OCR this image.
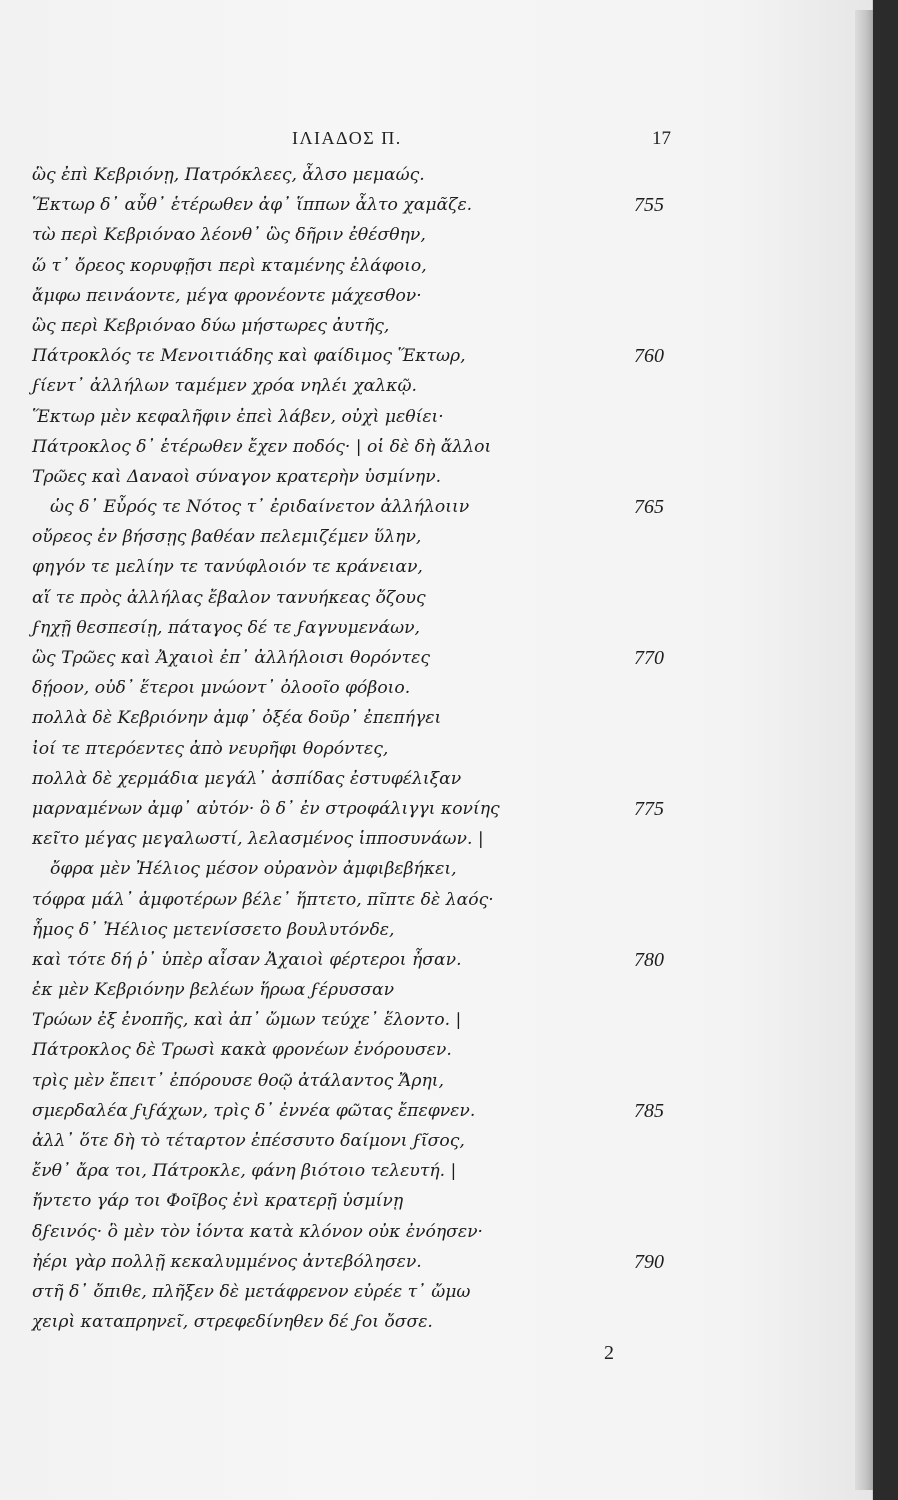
ΙΛΙΑΔΟΣ Π.	17
ὣς ἐπὶ Κεβριόνῃ, Πατρόκλεες, ἆλσο μεμαώς.
Ἕκτωρ δ᾽ αὖθ᾽ ἑτέρωθεν ἀφ᾽ ἵππων ἆλτο χαμᾶζε.	755
τὼ περὶ Κεβριόναο λέονθ᾽ ὣς δῆριν ἐθέσθην,
ὥ τ᾽ ὄρεος κορυφῇσι περὶ κταμένης ἐλάφοιο,
ἄμφω πεινάοντε, μέγα φρονέοντε μάχεσθον·
ὣς περὶ Κεβριόναο δύω μήστωρες ἀυτῆς,
Πάτροκλός τε Μενοιτιάδης καὶ φαίδιμος Ἕκτωρ,	760
ϝίεντ᾽ ἀλλήλων ταμέμεν χρόα νηλέι χαλκῷ.
Ἕκτωρ μὲν κεφαλῆφιν ἐπεὶ λάβεν, οὐχὶ μεθίει·
Πάτροκλος δ᾽ ἑτέρωθεν ἔχεν ποδός· | οἱ δὲ δὴ ἄλλοι
Τρῶες καὶ Δαναοὶ σύναγον κρατερὴν ὑσμίνην.
ὡς δ᾽ Εὖρός τε Νότος τ᾽ ἐριδαίνετον ἀλλήλοιιν	765
οὔρεος ἐν βήσσῃς βαθέαν πελεμιζέμεν ὕλην,
φηγόν τε μελίην τε τανύφλοιόν τε κράνειαν,
αἵ τε πρὸς ἀλλήλας ἔβαλον τανυήκεας ὄζους
ϝηχῇ θεσπεσίῃ, πάταγος δέ τε ϝαγνυμενάων,
ὣς Τρῶες καὶ Ἀχαιοὶ ἐπ᾽ ἀλλήλοισι θορόντες	770
δῄοον, οὐδ᾽ ἕτεροι μνώοντ᾽ ὀλοοῖο φόβοιο.
πολλὰ δὲ Κεβριόνην ἀμφ᾽ ὀξέα δοῦρ᾽ ἐπεπήγει
ἰοί τε πτερόεντες ἀπὸ νευρῆφι θορόντες,
πολλὰ δὲ χερμάδια μεγάλ᾽ ἀσπίδας ἐστυφέλιξαν
μαρναμένων ἀμφ᾽ αὐτόν· ὃ δ᾽ ἐν στροφάλιγγι κονίης	775
κεῖτο μέγας μεγαλωστί, λελασμένος ἱπποσυνάων. |
ὄφρα μὲν Ἠέλιος μέσον οὐρανὸν ἀμφιβεβήκει,
τόφρα μάλ᾽ ἀμφοτέρων βέλε᾽ ἥπτετο, πῖπτε δὲ λαός·
ἦμος δ᾽ Ἠέλιος μετενίσσετο βουλυτόνδε,
καὶ τότε δή ῥ᾽ ὑπὲρ αἶσαν Ἀχαιοὶ φέρτεροι ἦσαν.	780
ἐκ μὲν Κεβριόνην βελέων ἥρωα ϝέρυσσαν
Τρώων ἐξ ἐνοπῆς, καὶ ἀπ᾽ ὤμων τεύχε᾽ ἕλοντο. |
Πάτροκλος δὲ Τρωσὶ κακὰ φρονέων ἐνόρουσεν.
τρὶς μὲν ἔπειτ᾽ ἐπόρουσε θοῷ ἀτάλαντος Ἄρηι,
σμερδαλέα ϝιϝάχων, τρὶς δ᾽ ἐννέα φῶτας ἔπεφνεν.	785
ἀλλ᾽ ὅτε δὴ τὸ τέταρτον ἐπέσσυτο δαίμονι ϝῖσος,
ἔνθ᾽ ἄρα τοι, Πάτροκλε, φάνη βιότοιο τελευτή. |
ἤντετο γάρ τοι Φοῖβος ἐνὶ κρατερῇ ὑσμίνῃ
δϝεινός· ὃ μὲν τὸν ἰόντα κατὰ κλόνον οὐκ ἐνόησεν·
ἠέρι γὰρ πολλῇ κεκαλυμμένος ἀντεβόλησεν.	790
στῆ δ᾽ ὄπιθε, πλῆξεν δὲ μετάφρενον εὐρέε τ᾽ ὤμω
χειρὶ καταπρηνεῖ, στρεφεδίνηθεν δέ ϝοι ὄσσε.
2
